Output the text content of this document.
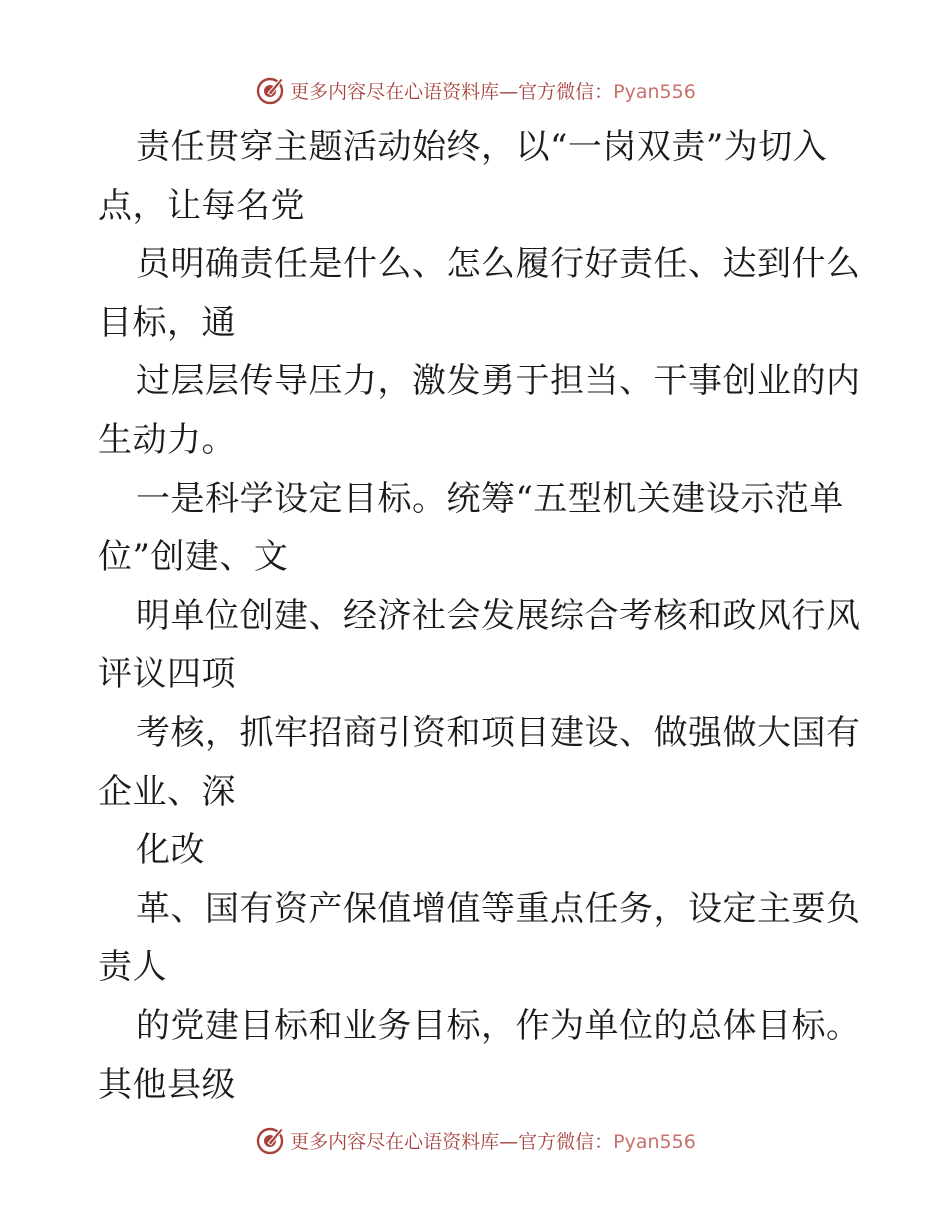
更多内容尽在心语资料库—官方微信：Pyan556
责任贯穿主题活动始终，以“一岗双责”为切入
点，让每名党
员明确责任是什么、怎么履行好责任、达到什么
目标，通
过层层传导压力，激发勇于担当、干事创业的内
生动力。
一是科学设定目标。统筹“五型机关建设示范单
位”创建、文
明单位创建、经济社会发展综合考核和政风行风
评议四项
考核，抓牢招商引资和项目建设、做强做大国有
企业、深
化改
革、国有资产保值增值等重点任务，设定主要负
责人
的党建目标和业务目标，作为单位的总体目标。
其他县级
更多内容尽在心语资料库—官方微信：Pyan556
